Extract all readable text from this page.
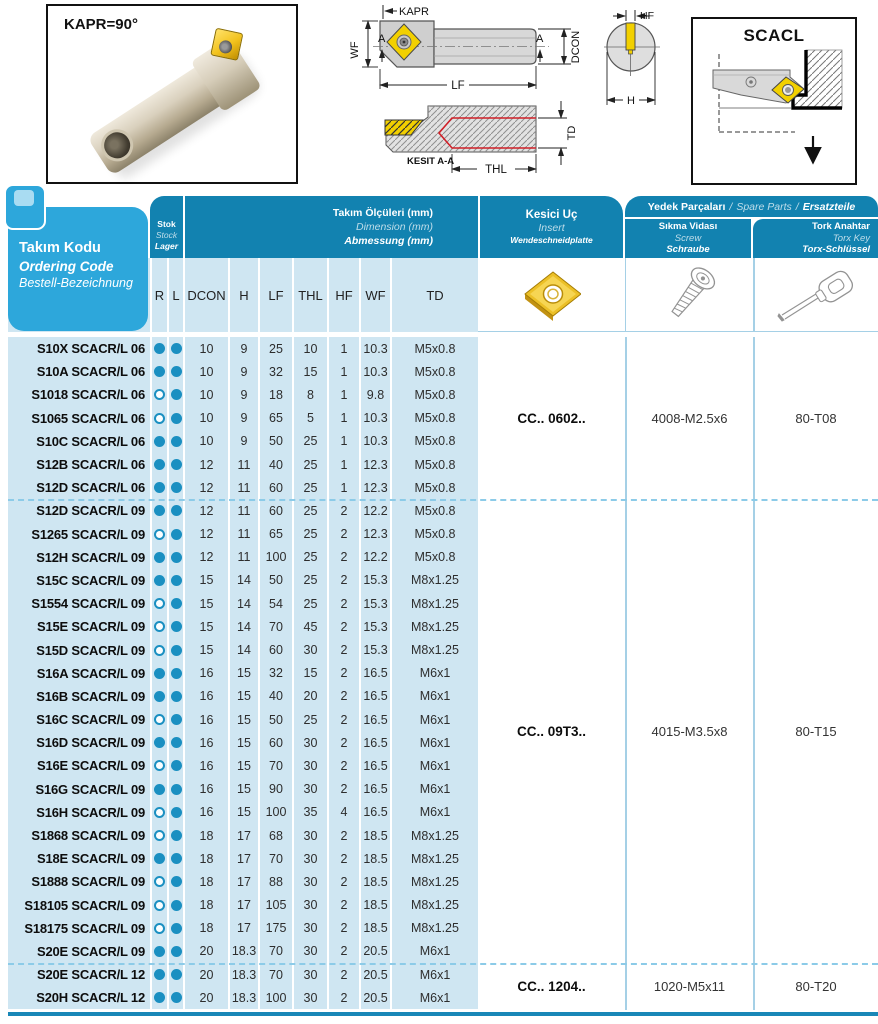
KAPR=90°
KAPR
WF
A	A DCON
LF
TD
THL
KESIT A-A
HF
H
SCACL
Takım Kodu
Ordering Code
Bestell-Bezeichnung
Stok
Stock
Lager
Takım Ölçüleri (mm)
Dimension (mm)
Abmessung (mm)
Kesici Uç
Insert
Wendeschneidplatte
Yedek Parçaları / Spare Parts / Ersatzteile
Sıkma Vidası
Screw
Schraube
Tork Anahtar
Torx Key
Torx-Schlüssel
R L DCON	H	LF	THL HF WF	TD
S10X SCACR/L 06	10	9	25	10	1	10.3	M5x0.8
S10A SCACR/L 06	10	9	32	15	1	10.3	M5x0.8
S1018 SCACR/L 06	10	9	18	8	1	9.8	M5x0.8
S1065 SCACR/L 06	10	9	65	5	1	10.3	M5x0.8
S10C SCACR/L 06	10	9	50	25	1	10.3	M5x0.8
S12B SCACR/L 06	12	11	40	25	1	12.3	M5x0.8
S12D SCACR/L 06	12	11	60	25	1	12.3	M5x0.8
S12D SCACR/L 09	12	11	60	25	2	12.2	M5x0.8
S1265 SCACR/L 09	12	11	65	25	2	12.3	M5x0.8
S12H SCACR/L 09	12	11	100	25	2	12.2	M5x0.8
S15C SCACR/L 09	15	14	50	25	2	15.3	M8x1.25
S1554 SCACR/L 09	15	14	54	25	2	15.3	M8x1.25
S15E SCACR/L 09	15	14	70	45	2	15.3	M8x1.25
S15D SCACR/L 09	15	14	60	30	2	15.3	M8x1.25
S16A SCACR/L 09	16	15	32	15	2	16.5	M6x1
S16B SCACR/L 09	16	15	40	20	2	16.5	M6x1
S16C SCACR/L 09	16	15	50	25	2	16.5	M6x1
S16D SCACR/L 09	16	15	60	30	2	16.5	M6x1
S16E SCACR/L 09	16	15	70	30	2	16.5	M6x1
S16G SCACR/L 09	16	15	90	30	2	16.5	M6x1
S16H SCACR/L 09	16	15	100	35	4	16.5	M6x1
S1868 SCACR/L 09	18	17	68	30	2	18.5	M8x1.25
S18E SCACR/L 09	18	17	70	30	2	18.5	M8x1.25
S1888 SCACR/L 09	18	17	88	30	2	18.5	M8x1.25
S18105 SCACR/L 09	18	17	105	30	2	18.5	M8x1.25
S18175 SCACR/L 09	18	17	175	30	2	18.5	M8x1.25
S20E SCACR/L 09	20	18.3	70	30	2	20.5	M6x1
S20E SCACR/L 12	20	18.3	70	30	2	20.5	M6x1
S20H SCACR/L 12	20	18.3 100	30	2	20.5	M6x1
CC.. 0602..	4008-M2.5x6	80-T08
CC.. 09T3..	4015-M3.5x8	80-T15
CC.. 1204..	1020-M5x11	80-T20
